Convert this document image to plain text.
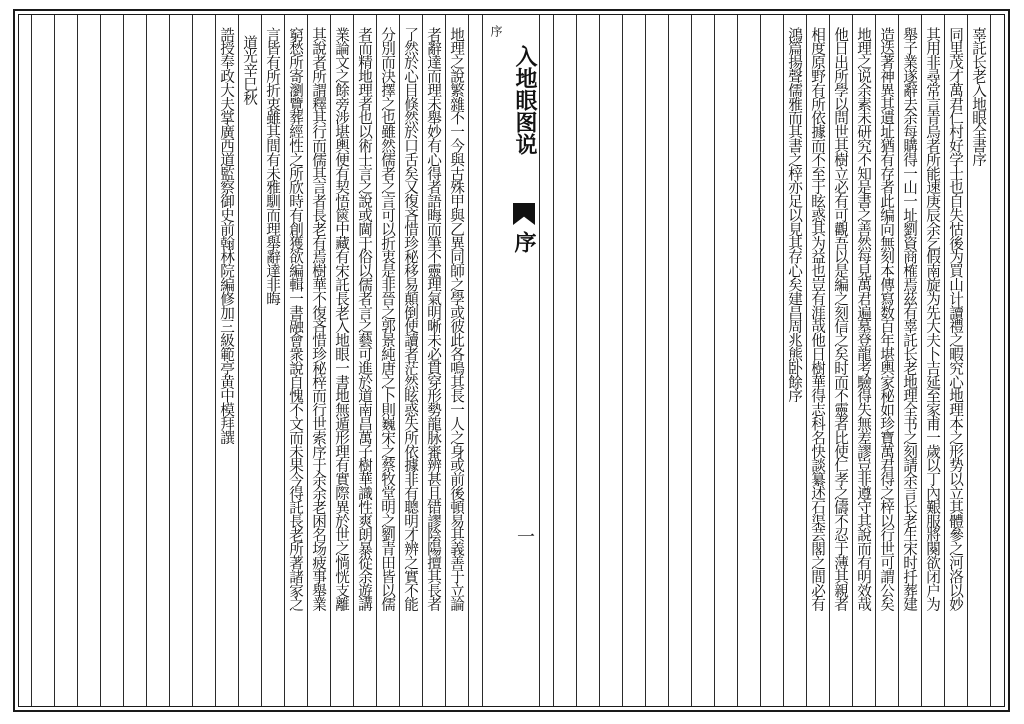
辜託长老入地眼全書序
同里茂才萬君仁村好学士也自失怙後为買山计讀禮之暇究心地理本之形势以立其體參之河洛以妙
其用非尋常言青烏者所能速庚辰余乞假南旋为先大夫卜吉延至家甫一歲以丁內艱服將闋欲闭户为
舉子業遂辭去余每購得一山一址劉資商榷焉茲有辜託长老地理全书之刻請余言长老生宋时扦葬建
造迭著神異其遺址猶有存者此编向無刻本傳寫数百年堪輿家秘如珍寶萬君得之梓以行世可謂公矣
地理之说余素未研究不知是書之善然每見萬君遍墓登龍考驗得失無差謬豈非遵守其說而有明效哉
他日出所學以問世其樹立必有可觀吾以是編之刻信之矣时而不靈者比使仁孝之儔不忍于薄其親者
相度原野有所依據而不至于眩惑其为益也豈有涯哉他日樹華得志科名快談纂述石渠芸閣之間必有
鴻篇揚聲儒雅而其書之梓亦足以見其存心矣建昌周兆熊卧餘序
地理之說繁雜不一今與古殊甲與乙異同師之學或彼此各鳴其長一人之身或前後頓易其義善于立論
者辭達而理未舉妙有心得者語晦而筆不靈理氣明晰未必貫穿形勢龍脉審辨甚且错謬陰陽擅其長者
了然於心目倏然於口舌矣又復吝惜珍秘移易顛倒使讀者茫然眩惑失所依據非有聰明才辨之實不能
分別而決擇之也雖然儒者之言可以折衷是非晉之郭景純唐之卜則巍宋之蔡牧堂明之劉青田皆以儒
者而精地理者也以術士言之說或閫于俗以儒者言之藝可進於道南昌萬子樹華識性爽朗暴從余遊講
業論文之餘旁涉堪輿便有契悟篋中藏有宋託長老入地眼一書地無遁形理有實際異於世之惝恍支離
其說者所謂釋其行而儒其言者長老有焉樹華不復吝惜珍秘梓而行世索序于余余老困名场疲事舉業
窮愁所寄瀏覽葬經性之所欣時有創獲欲編輯一書融會衆說自愧不文而未果今得託長老所著諸家之
言皆有所折衷雖其間有未雅馴而理舉辭達非晦
道光辛巳秋
誥授奉政大夫掌廣西道監察御史前翰林院編修加三級範亭黄中模拜譔	序
入地眼图说
序
一
